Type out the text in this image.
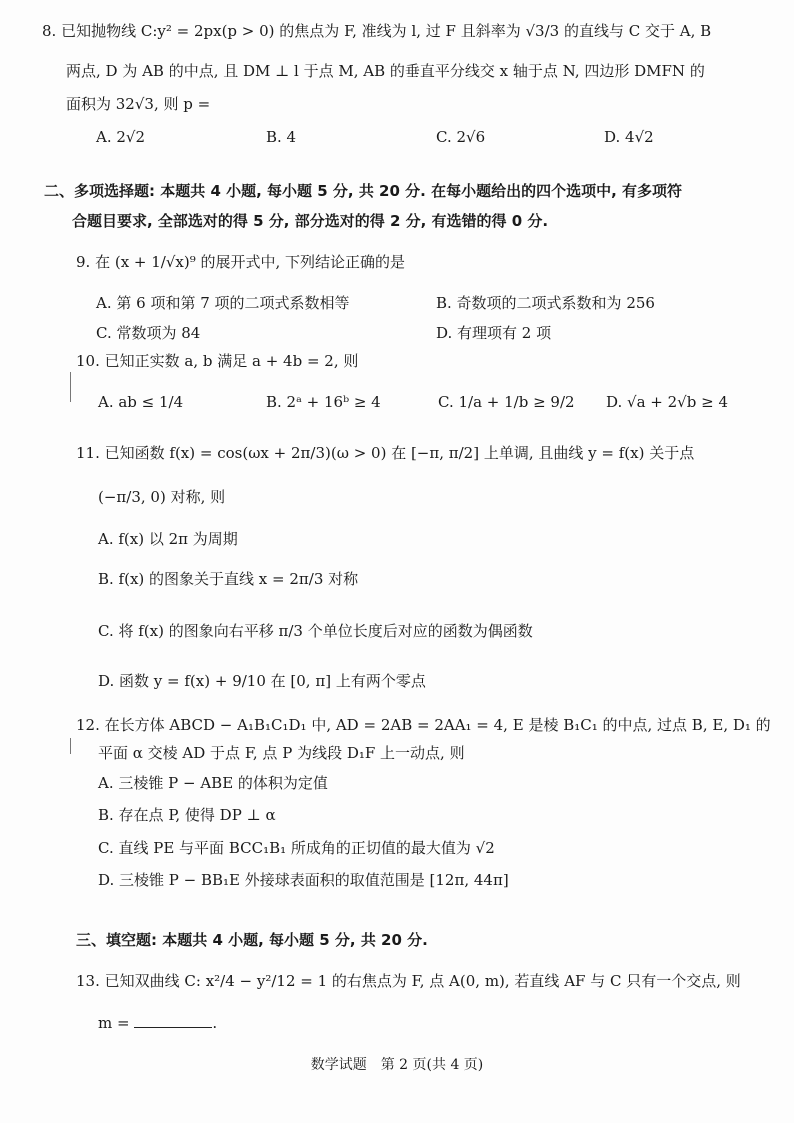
8. 已知抛物线 C:y² = 2px(p > 0) 的焦点为 F, 准线为 l, 过 F 且斜率为 √3/3 的直线与 C 交于 A, B
两点, D 为 AB 的中点, 且 DM ⊥ l 于点 M, AB 的垂直平分线交 x 轴于点 N, 四边形 DMFN 的
面积为 32√3, 则 p =
A. 2√2	B. 4	C. 2√6	D. 4√2
二、多项选择题: 本题共 4 小题, 每小题 5 分, 共 20 分. 在每小题给出的四个选项中, 有多项符
合题目要求, 全部选对的得 5 分, 部分选对的得 2 分, 有选错的得 0 分.
9. 在 (x + 1/√x)⁹ 的展开式中, 下列结论正确的是
A. 第 6 项和第 7 项的二项式系数相等	B. 奇数项的二项式系数和为 256
C. 常数项为 84	D. 有理项有 2 项
10. 已知正实数 a, b 满足 a + 4b = 2, 则
A. ab ≤ 1/4	B. 2ᵃ + 16ᵇ ≥ 4	C. 1/a + 1/b ≥ 9/2 D. √a + 2√b ≥ 4
11. 已知函数 f(x) = cos(ωx + 2π/3)(ω > 0) 在 [−π, π/2] 上单调, 且曲线 y = f(x) 关于点
(−π/3, 0) 对称, 则
A. f(x) 以 2π 为周期
B. f(x) 的图象关于直线 x = 2π/3 对称
C. 将 f(x) 的图象向右平移 π/3 个单位长度后对应的函数为偶函数
D. 函数 y = f(x) + 9/10 在 [0, π] 上有两个零点
12. 在长方体 ABCD − A₁B₁C₁D₁ 中, AD = 2AB = 2AA₁ = 4, E 是棱 B₁C₁ 的中点, 过点 B, E, D₁ 的
平面 α 交棱 AD 于点 F, 点 P 为线段 D₁F 上一动点, 则
A. 三棱锥 P − ABE 的体积为定值
B. 存在点 P, 使得 DP ⊥ α
C. 直线 PE 与平面 BCC₁B₁ 所成角的正切值的最大值为 √2
D. 三棱锥 P − BB₁E 外接球表面积的取值范围是 [12π, 44π]
三、填空题: 本题共 4 小题, 每小题 5 分, 共 20 分.
13. 已知双曲线 C: x²/4 − y²/12 = 1 的右焦点为 F, 点 A(0, m), 若直线 AF 与 C 只有一个交点, 则
m =	.
数学试题　第 2 页(共 4 页)
